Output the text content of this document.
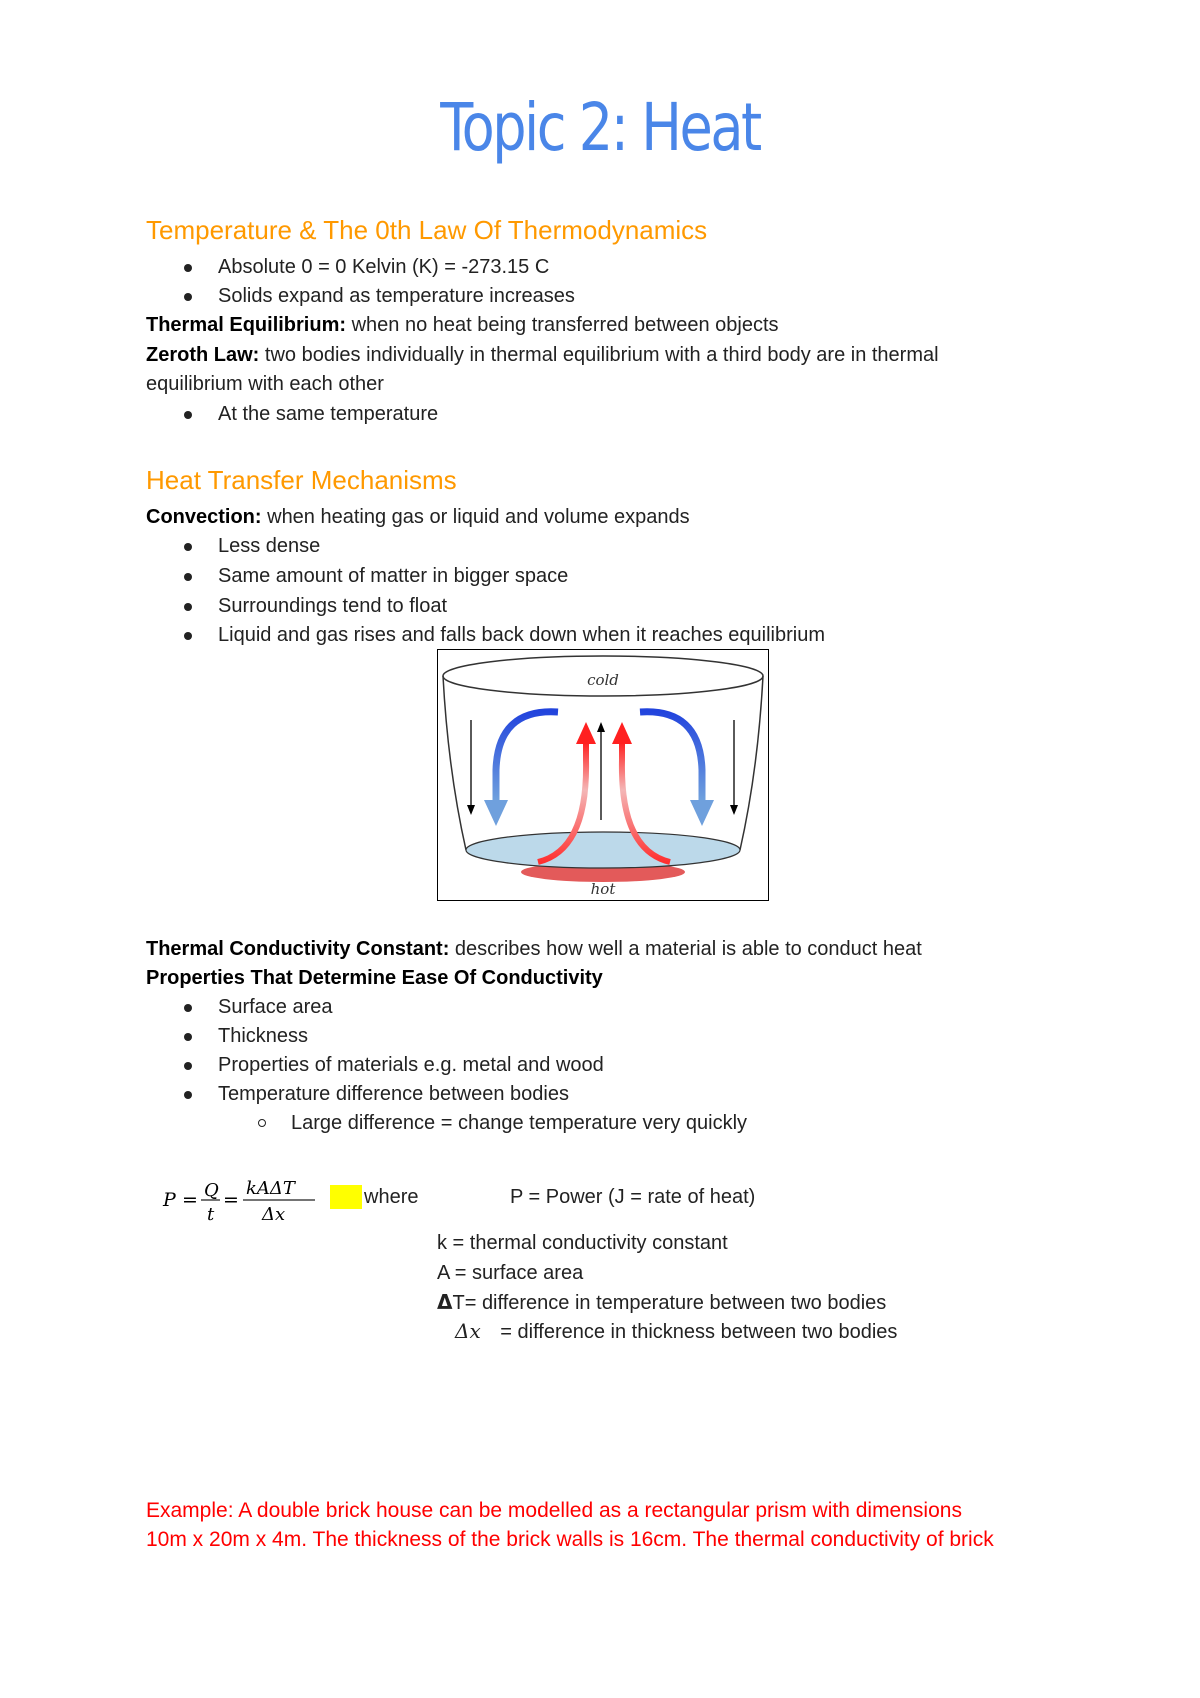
Topic 2: Heat
Temperature & The 0th Law Of Thermodynamics
Absolute 0 = 0 Kelvin (K) = -273.15 C
Solids expand as temperature increases
Thermal Equilibrium: when no heat being transferred between objects
Zeroth Law: two bodies individually in thermal equilibrium with a third body are in thermal
equilibrium with each other
At the same temperature
Heat Transfer Mechanisms
Convection: when heating gas or liquid and volume expands
Less dense
Same amount of matter in bigger space
Surroundings tend to float
Liquid and gas rises and falls back down when it reaches equilibrium
cold
hot
Thermal Conductivity Constant: describes how well a material is able to conduct heat
Properties That Determine Ease Of Conductivity
Surface area
Thickness
Properties of materials e.g. metal and wood
Temperature difference between bodies
Large difference = change temperature very quickly
P = Q
t
=
kAΔT
Δx
where	P = Power (J = rate of heat)
k = thermal conductivity constant
A = surface area
ΔT= difference in temperature between two bodies
Δx = difference in thickness between two bodies
Example: A double brick house can be modelled as a rectangular prism with dimensions
10m x 20m x 4m. The thickness of the brick walls is 16cm. The thermal conductivity of brick
